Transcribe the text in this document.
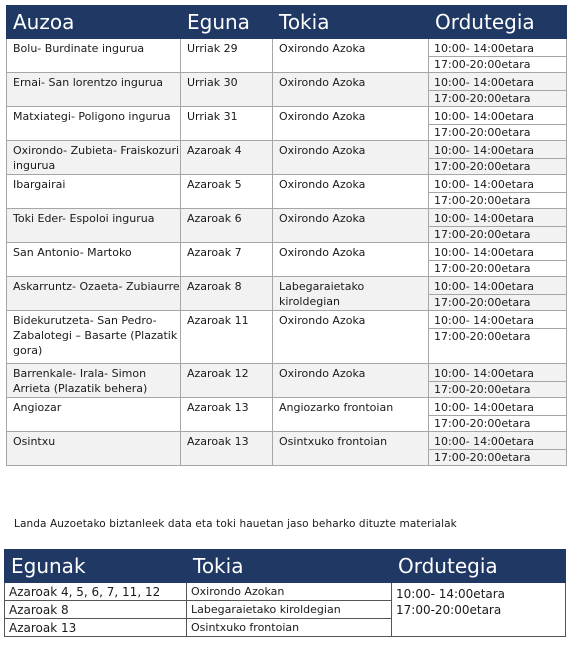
Auzoa	Eguna	Tokia	Ordutegia
Bolu- Burdinate ingurua	Urriak 29	Oxirondo Azoka	10:00- 14:00etara
17:00-20:00etara
Ernai- San lorentzo ingurua	Urriak 30	Oxirondo Azoka	10:00- 14:00etara
17:00-20:00etara
Matxiategi- Poligono ingurua	Urriak 31	Oxirondo Azoka	10:00- 14:00etara
17:00-20:00etara
Oxirondo- Zubieta- Fraiskozuri ingurua	Azaroak 4	Oxirondo Azoka	10:00- 14:00etara
17:00-20:00etara
Ibargairai	Azaroak 5	Oxirondo Azoka	10:00- 14:00etara
17:00-20:00etara
Toki Eder- Espoloi ingurua	Azaroak 6	Oxirondo Azoka	10:00- 14:00etara
17:00-20:00etara
San Antonio- Martoko	Azaroak 7	Oxirondo Azoka	10:00- 14:00etara
17:00-20:00etara
Askarruntz- Ozaeta- Zubiaurre	Azaroak 8	Labegaraietako kiroldegian	10:00- 14:00etara
17:00-20:00etara
Bidekurutzeta- San Pedro- Zabalotegi – Basarte (Plazatik gora)	Azaroak 11	Oxirondo Azoka	10:00- 14:00etara
17:00-20:00etara
Barrenkale- Irala- Simon Arrieta (Plazatik behera)	Azaroak 12	Oxirondo Azoka	10:00- 14:00etara
17:00-20:00etara
Angiozar	Azaroak 13	Angiozarko frontoian	10:00- 14:00etara
17:00-20:00etara
Osintxu	Azaroak 13	Osintxuko frontoian	10:00- 14:00etara
17:00-20:00etara
Landa Auzoetako biztanleek data eta toki hauetan jaso beharko dituzte materialak
Egunak	Tokia	Ordutegia
Azaroak 4, 5, 6, 7, 11, 12	Oxirondo Azokan	10:00- 14:00etara
17:00-20:00etara

Azaroak 8	Labegaraietako kiroldegian	
Azaroak 13	Osintxuko frontoian	
